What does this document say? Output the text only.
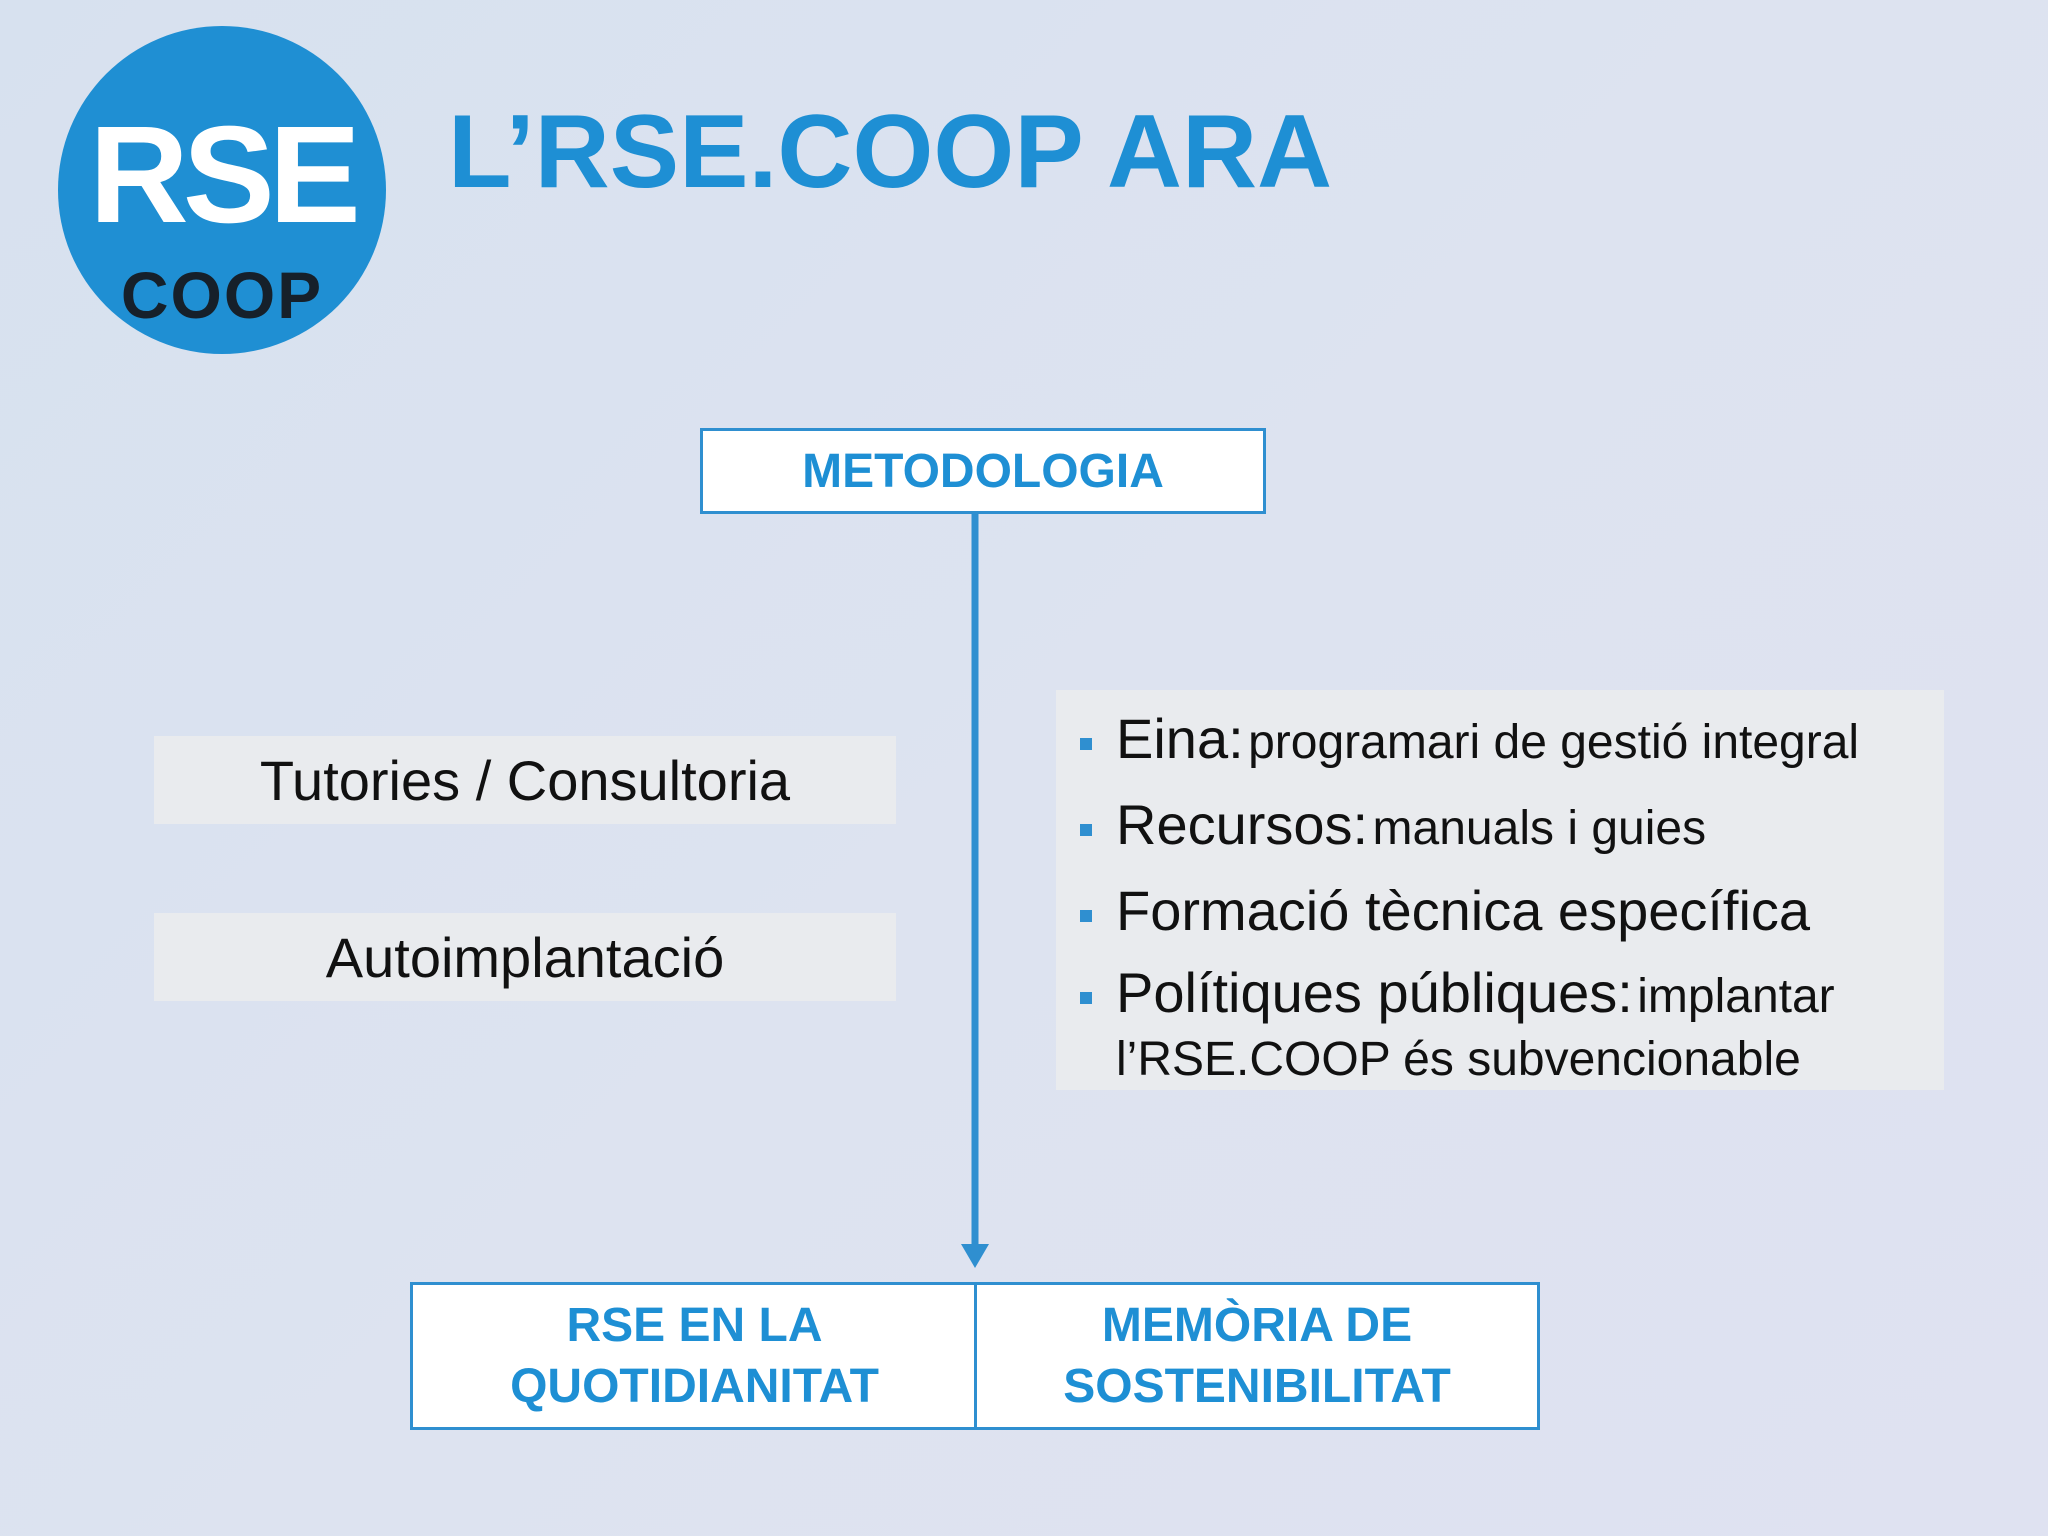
RSE
COOP
L’RSE.COOP ARA
METODOLOGIA
Tutories / Consultoria
Autoimplantació
Eina: programari de gestió integral
Recursos: manuals i guies
Formació tècnica específica
Polítiques públiques: implantar
l’RSE.COOP és subvencionable
RSE EN LA
QUOTIDIANITAT
MEMÒRIA DE
SOSTENIBILITAT
